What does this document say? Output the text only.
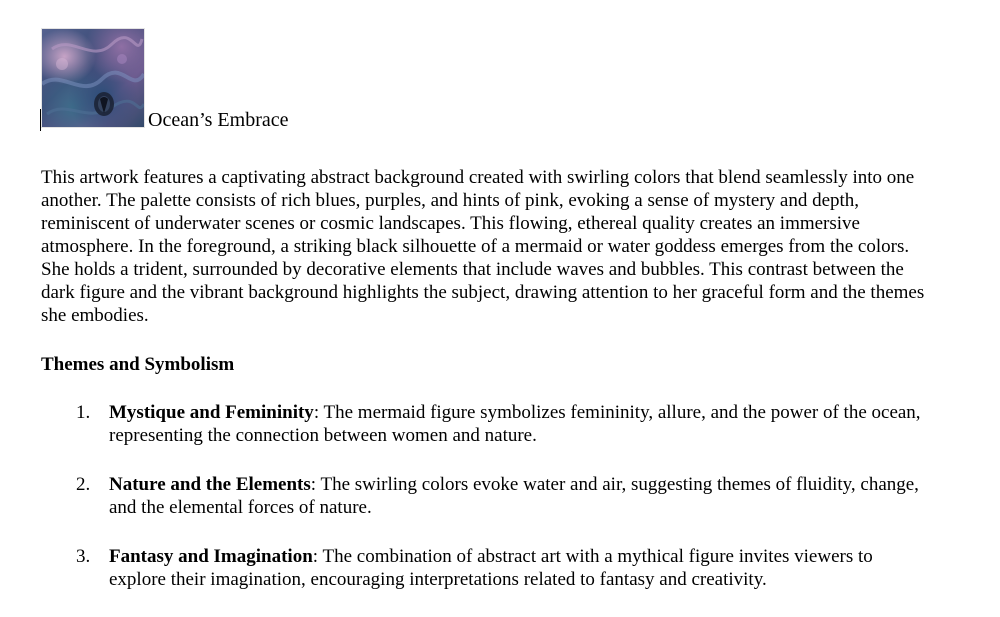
Ocean’s Embrace

This artwork features a captivating abstract background created with swirling colors that blend seamlessly into one another. The palette consists of rich blues, purples, and hints of pink, evoking a sense of mystery and depth, reminiscent of underwater scenes or cosmic landscapes. This flowing, ethereal quality creates an immersive atmosphere. In the foreground, a striking black silhouette of a mermaid or water goddess emerges from the colors. She holds a trident, surrounded by decorative elements that include waves and bubbles. This contrast between the dark figure and the vibrant background highlights the subject, drawing attention to her graceful form and the themes she embodies.

Themes and Symbolism
1. Mystique and Femininity: The mermaid figure symbolizes femininity, allure, and the power of the ocean, representing the connection between women and nature.
2. Nature and the Elements: The swirling colors evoke water and air, suggesting themes of fluidity, change, and the elemental forces of nature.
3. Fantasy and Imagination: The combination of abstract art with a mythical figure invites viewers to explore their imagination, encouraging interpretations related to fantasy and creativity.
